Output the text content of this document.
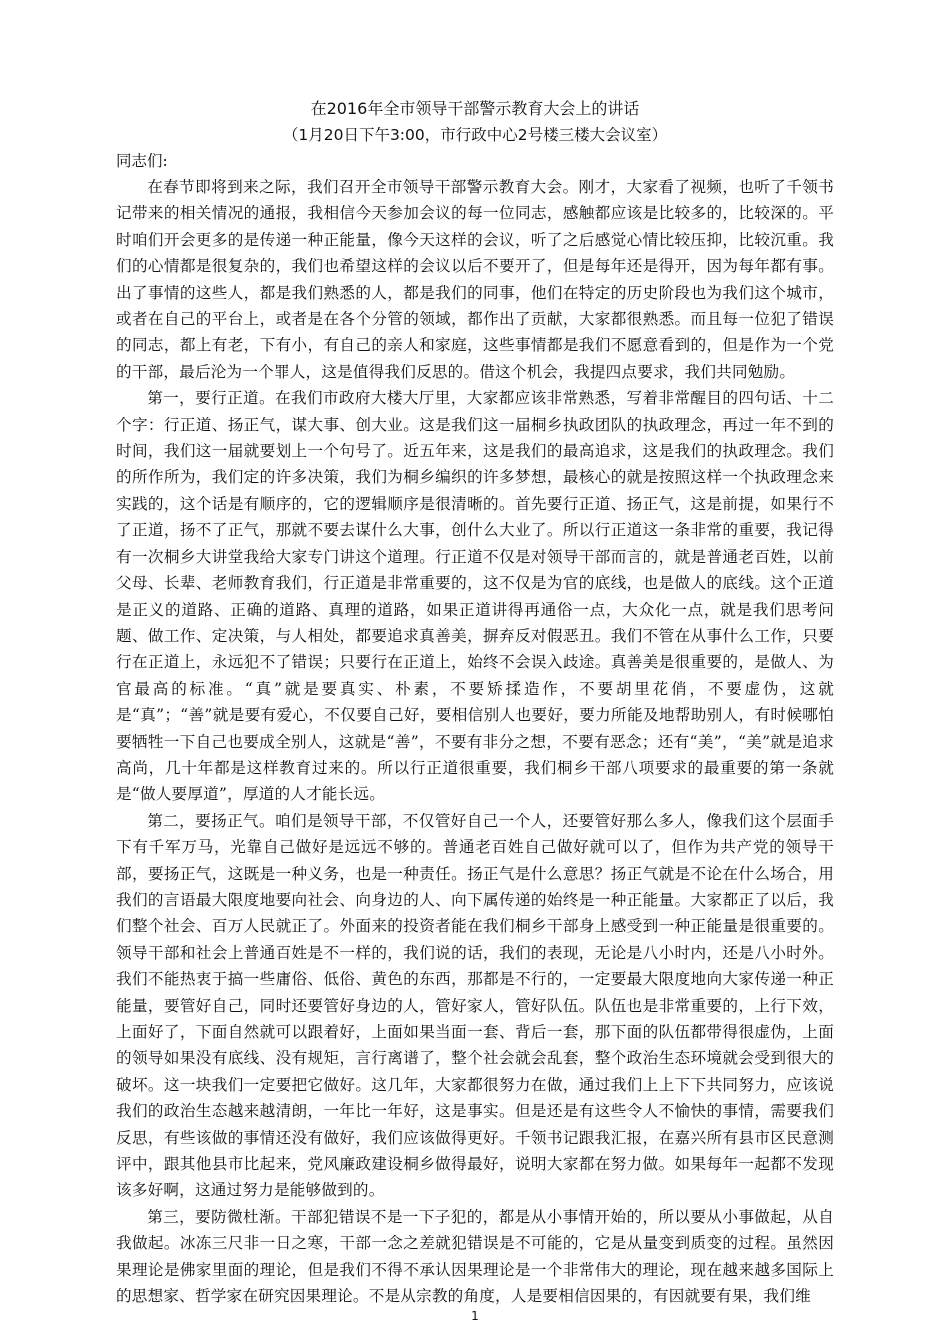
在2016年全市领导干部警示教育大会上的讲话

（1月20日下午3:00，市行政中心2号楼三楼大会议室）

同志们:

在春节即将到来之际，我们召开全市领导干部警示教育大会。刚才，大家看了视频，也听了千领书记带来的相关情况的通报，我相信今天参加会议的每一位同志，感触都应该是比较多的，比较深的。平时咱们开会更多的是传递一种正能量，像今天这样的会议，听了之后感觉心情比较压抑，比较沉重。我们的心情都是很复杂的，我们也希望这样的会议以后不要开了，但是每年还是得开，因为每年都有事。出了事情的这些人，都是我们熟悉的人，都是我们的同事，他们在特定的历史阶段也为我们这个城市，或者在自己的平台上，或者是在各个分管的领域，都作出了贡献，大家都很熟悉。而且每一位犯了错误的同志，都上有老，下有小，有自己的亲人和家庭，这些事情都是我们不愿意看到的，但是作为一个党的干部，最后沦为一个罪人，这是值得我们反思的。借这个机会，我提四点要求，我们共同勉励。

第一，要行正道。在我们市政府大楼大厅里，大家都应该非常熟悉，写着非常醒目的四句话、十二个字：行正道、扬正气，谋大事、创大业。这是我们这一届桐乡执政团队的执政理念，再过一年不到的时间，我们这一届就要划上一个句号了。近五年来，这是我们的最高追求，这是我们的执政理念。我们的所作所为，我们定的许多决策，我们为桐乡编织的许多梦想，最核心的就是按照这样一个执政理念来实践的，这个话是有顺序的，它的逻辑顺序是很清晰的。首先要行正道、扬正气，这是前提，如果行不了正道，扬不了正气，那就不要去谋什么大事，创什么大业了。所以行正道这一条非常的重要，我记得有一次桐乡大讲堂我给大家专门讲这个道理。行正道不仅是对领导干部而言的，就是普通老百姓，以前父母、长辈、老师教育我们，行正道是非常重要的，这不仅是为官的底线，也是做人的底线。这个正道是正义的道路、正确的道路、真理的道路，如果正道讲得再通俗一点，大众化一点，就是我们思考问题、做工作、定决策，与人相处，都要追求真善美，摒弃反对假恶丑。我们不管在从事什么工作，只要行在正道上，永远犯不了错误；只要行在正道上，始终不会误入歧途。真善美是很重要的，是做人、为官最高的标准。“真”就是要真实、朴素，不要矫揉造作，不要胡里花俏，不要虚伪，这就是“真”；“善”就是要有爱心，不仅要自己好，要相信别人也要好，要力所能及地帮助别人，有时候哪怕要牺牲一下自己也要成全别人，这就是“善”，不要有非分之想，不要有恶念；还有“美”，“美”就是追求高尚，几十年都是这样教育过来的。所以行正道很重要，我们桐乡干部八项要求的最重要的第一条就是“做人要厚道”，厚道的人才能长远。

第二，要扬正气。咱们是领导干部，不仅管好自己一个人，还要管好那么多人，像我们这个层面手下有千军万马，光靠自己做好是远远不够的。普通老百姓自己做好就可以了，但作为共产党的领导干部，要扬正气，这既是一种义务，也是一种责任。扬正气是什么意思？扬正气就是不论在什么场合，用我们的言语最大限度地要向社会、向身边的人、向下属传递的始终是一种正能量。大家都正了以后，我们整个社会、百万人民就正了。外面来的投资者能在我们桐乡干部身上感受到一种正能量是很重要的。领导干部和社会上普通百姓是不一样的，我们说的话，我们的表现，无论是八小时内，还是八小时外。我们不能热衷于搞一些庸俗、低俗、黄色的东西，那都是不行的，一定要最大限度地向大家传递一种正能量，要管好自己，同时还要管好身边的人，管好家人，管好队伍。队伍也是非常重要的，上行下效，上面好了，下面自然就可以跟着好，上面如果当面一套、背后一套，那下面的队伍都带得很虚伪，上面的领导如果没有底线、没有规矩，言行离谱了，整个社会就会乱套，整个政治生态环境就会受到很大的破坏。这一块我们一定要把它做好。这几年，大家都很努力在做，通过我们上上下下共同努力，应该说我们的政治生态越来越清朗，一年比一年好，这是事实。但是还是有这些令人不愉快的事情，需要我们反思，有些该做的事情还没有做好，我们应该做得更好。千领书记跟我汇报，在嘉兴所有县市区民意测评中，跟其他县市比起来，党风廉政建设桐乡做得最好，说明大家都在努力做。如果每年一起都不发现该多好啊，这通过努力是能够做到的。

第三，要防微杜渐。干部犯错误不是一下子犯的，都是从小事情开始的，所以要从小事做起，从自我做起。冰冻三尺非一日之寒，干部一念之差就犯错误是不可能的，它是从量变到质变的过程。虽然因果理论是佛家里面的理论，但是我们不得不承认因果理论是一个非常伟大的理论，现在越来越多国际上的思想家、哲学家在研究因果理论。不是从宗教的角度，人是要相信因果的，有因就要有果，我们维

1
